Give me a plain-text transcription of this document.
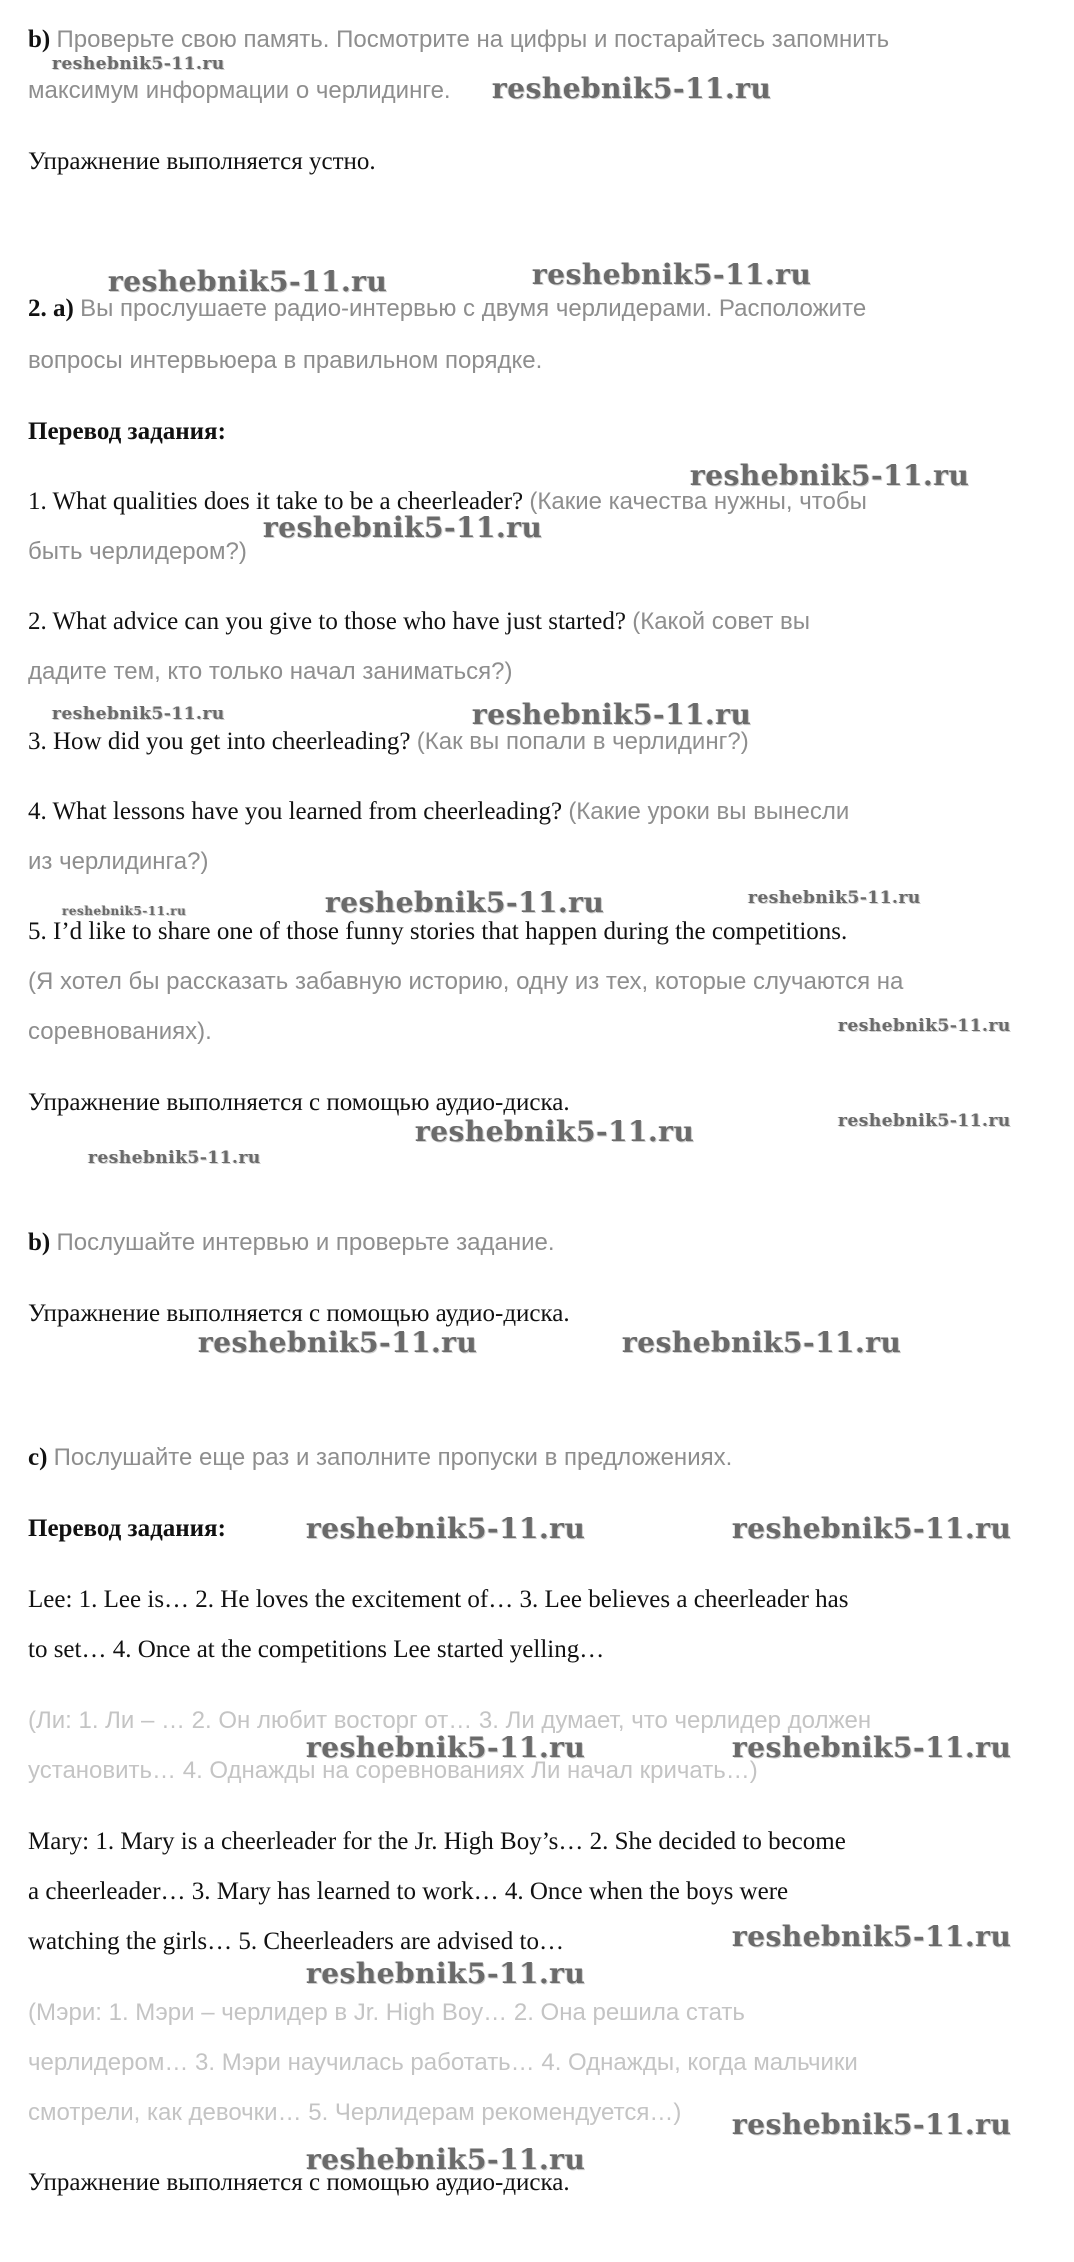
b) Проверьте свою память. Посмотрите на цифры и постарайтесь запомнить
максимум информации о черлидинге.
Упражнение выполняется устно.
2. a) Вы прослушаете радио-интервью с двумя черлидерами. Расположите
вопросы интервьюера в правильном порядке.
Перевод задания:
1. What qualities does it take to be a cheerleader? (Какие качества нужны, чтобы
быть черлидером?)
2. What advice can you give to those who have just started? (Какой совет вы
дадите тем, кто только начал заниматься?)
3. How did you get into cheerleading? (Как вы попали в черлидинг?)
4. What lessons have you learned from cheerleading? (Какие уроки вы вынесли
из черлидинга?)
5. I’d like to share one of those funny stories that happen during the competitions.
(Я хотел бы рассказать забавную историю, одну из тех, которые случаются на
соревнованиях).
Упражнение выполняется с помощью аудио-диска.
b) Послушайте интервью и проверьте задание.
Упражнение выполняется с помощью аудио-диска.
c) Послушайте еще раз и заполните пропуски в предложениях.
Перевод задания:
Lee: 1. Lee is… 2. He loves the excitement of… 3. Lee believes a cheerleader has
to set… 4. Once at the competitions Lee started yelling…
(Ли: 1. Ли – … 2. Он любит восторг от… 3. Ли думает, что черлидер должен
установить… 4. Однажды на соревнованиях Ли начал кричать…)
Mary: 1. Mary is a cheerleader for the Jr. High Boy’s… 2. She decided to become
a cheerleader… 3. Mary has learned to work… 4. Once when the boys were
watching the girls… 5. Cheerleaders are advised to…
(Мэри: 1. Мэри – черлидер в Jr. High Boy… 2. Она решила стать
черлидером… 3. Мэри научилась работать… 4. Однажды, когда мальчики
смотрели, как девочки… 5. Черлидерам рекомендуется…)
Упражнение выполняется с помощью аудио-диска.
reshebnik5-11.ru
reshebnik5-11.ru
reshebnik5-11.ru	reshebnik5-11.ru
reshebnik5-11.ru
reshebnik5-11.ru
reshebnik5-11.ru	reshebnik5-11.ru
reshebnik5-11.ru	reshebnik5-11.ru	reshebnik5-11.ru
reshebnik5-11.ru
reshebnik5-11.ru
reshebnik5-11.ru
reshebnik5-11.ru
reshebnik5-11.ru	reshebnik5-11.ru
reshebnik5-11.ru	reshebnik5-11.ru
reshebnik5-11.ru	reshebnik5-11.ru
reshebnik5-11.ru
reshebnik5-11.ru
reshebnik5-11.ru
reshebnik5-11.ru
